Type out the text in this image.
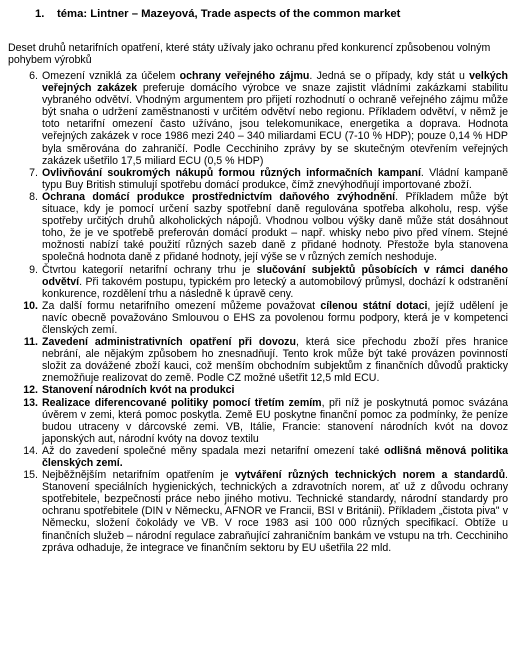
1. téma: Lintner – Mazeyová, Trade aspects of the common market
Deset druhů netarifních opatření, které státy užívaly jako ochranu před konkurencí způsobenou volným pohybem výrobků
6. Omezení vzniklá za účelem ochrany veřejného zájmu. Jedná se o případy, kdy stát u velkých veřejných zakázek preferuje domácího výrobce ve snaze zajistit vládními zakázkami stabilitu vybraného odvětví. Vhodným argumentem pro přijetí rozhodnutí o ochraně veřejného zájmu může být snaha o udržení zaměstnanosti v určitém odvětví nebo regionu. Příkladem odvětví, v němž je toto netarifní omezení často užíváno, jsou telekomunikace, energetika a doprava. Hodnota veřejných zakázek v roce 1986 mezi 240 – 340 miliardami ECU (7-10 % HDP); pouze 0,14 % HDP byla směrována do zahraničí. Podle Cecchiniho zprávy by se skutečným otevřením veřejných zakázek ušetřilo 17,5 miliard ECU (0,5 % HDP)
7. Ovlivňování soukromých nákupů formou různých informačních kampaní. Vládní kampaně typu Buy British stimulují spotřebu domácí produkce, čímž znevýhodňují importované zboží.
8. Ochrana domácí produkce prostřednictvím daňového zvýhodnění. Příkladem může být situace, kdy je pomocí určení sazby spotřební daně regulována spotřeba alkoholu, resp. výše spotřeby určitých druhů alkoholických nápojů. Vhodnou volbou výšky daně může stát dosáhnout toho, že je ve spotřebě preferován domácí produkt – např. whisky nebo pivo před vínem. Stejné možnosti nabízí také použití různých sazeb daně z přidané hodnoty. Přestože byla stanovena společná hodnota daně z přidané hodnoty, její výše se v různých zemích neshoduje.
9. Čtvrtou kategorií netarifní ochrany trhu je slučování subjektů působících v rámci daného odvětví. Při takovém postupu, typickém pro letecký a automobilový průmysl, dochází k odstranění konkurence, rozdělení trhu a následně k úpravě ceny.
10. Za další formu netarifního omezení můžeme považovat cílenou státní dotaci, jejíž udělení je navíc obecně považováno Smlouvou o EHS za povolenou formu podpory, která je v kompetenci členských zemí.
11. Zavedení administrativních opatření při dovozu, která sice přechodu zboží přes hranice nebrání, ale nějakým způsobem ho znesnadňují. Tento krok může být také provázen povinností složit za dovážené zboží kauci, což menším obchodním subjektům z finančních důvodů prakticky znemožňuje realizovat do země. Podle CZ možné ušetřit 12,5 mld ECU.
12. Stanovení národních kvót na produkci
13. Realizace diferencované politiky pomocí třetím zemím, při níž je poskytnutá pomoc svázána úvěrem v zemi, která pomoc poskytla. Země EU poskytne finanční pomoc za podmínky, že peníze budou utraceny v dárcovské zemi. VB, Itálie, Francie: stanovení národních kvót na dovoz japonských aut, národní kvóty na dovoz textilu
14. Až do zavedení společné měny spadala mezi netarifní omezení také odlišná měnová politika členských zemí.
15. Nejběžnějším netarifním opatřením je vytváření různých technických norem a standardů. Stanovení speciálních hygienických, technických a zdravotních norem, ať už z důvodu ochrany spotřebitele, bezpečnosti práce nebo jiného motivu. Technické standardy, národní standardy pro ochranu spotřebitele (DIN v Německu, AFNOR ve Francii, BSI v Británii). Příkladem „čistota piva" v Německu, složení čokolády ve VB. V roce 1983 asi 100 000 různých specifikací. Obtíže u finančních služeb – národní regulace zabraňující zahraničním bankám ve vstupu na trh. Cecchiniho zpráva odhaduje, že integrace ve finančním sektoru by EU ušetřila 22 mld.
